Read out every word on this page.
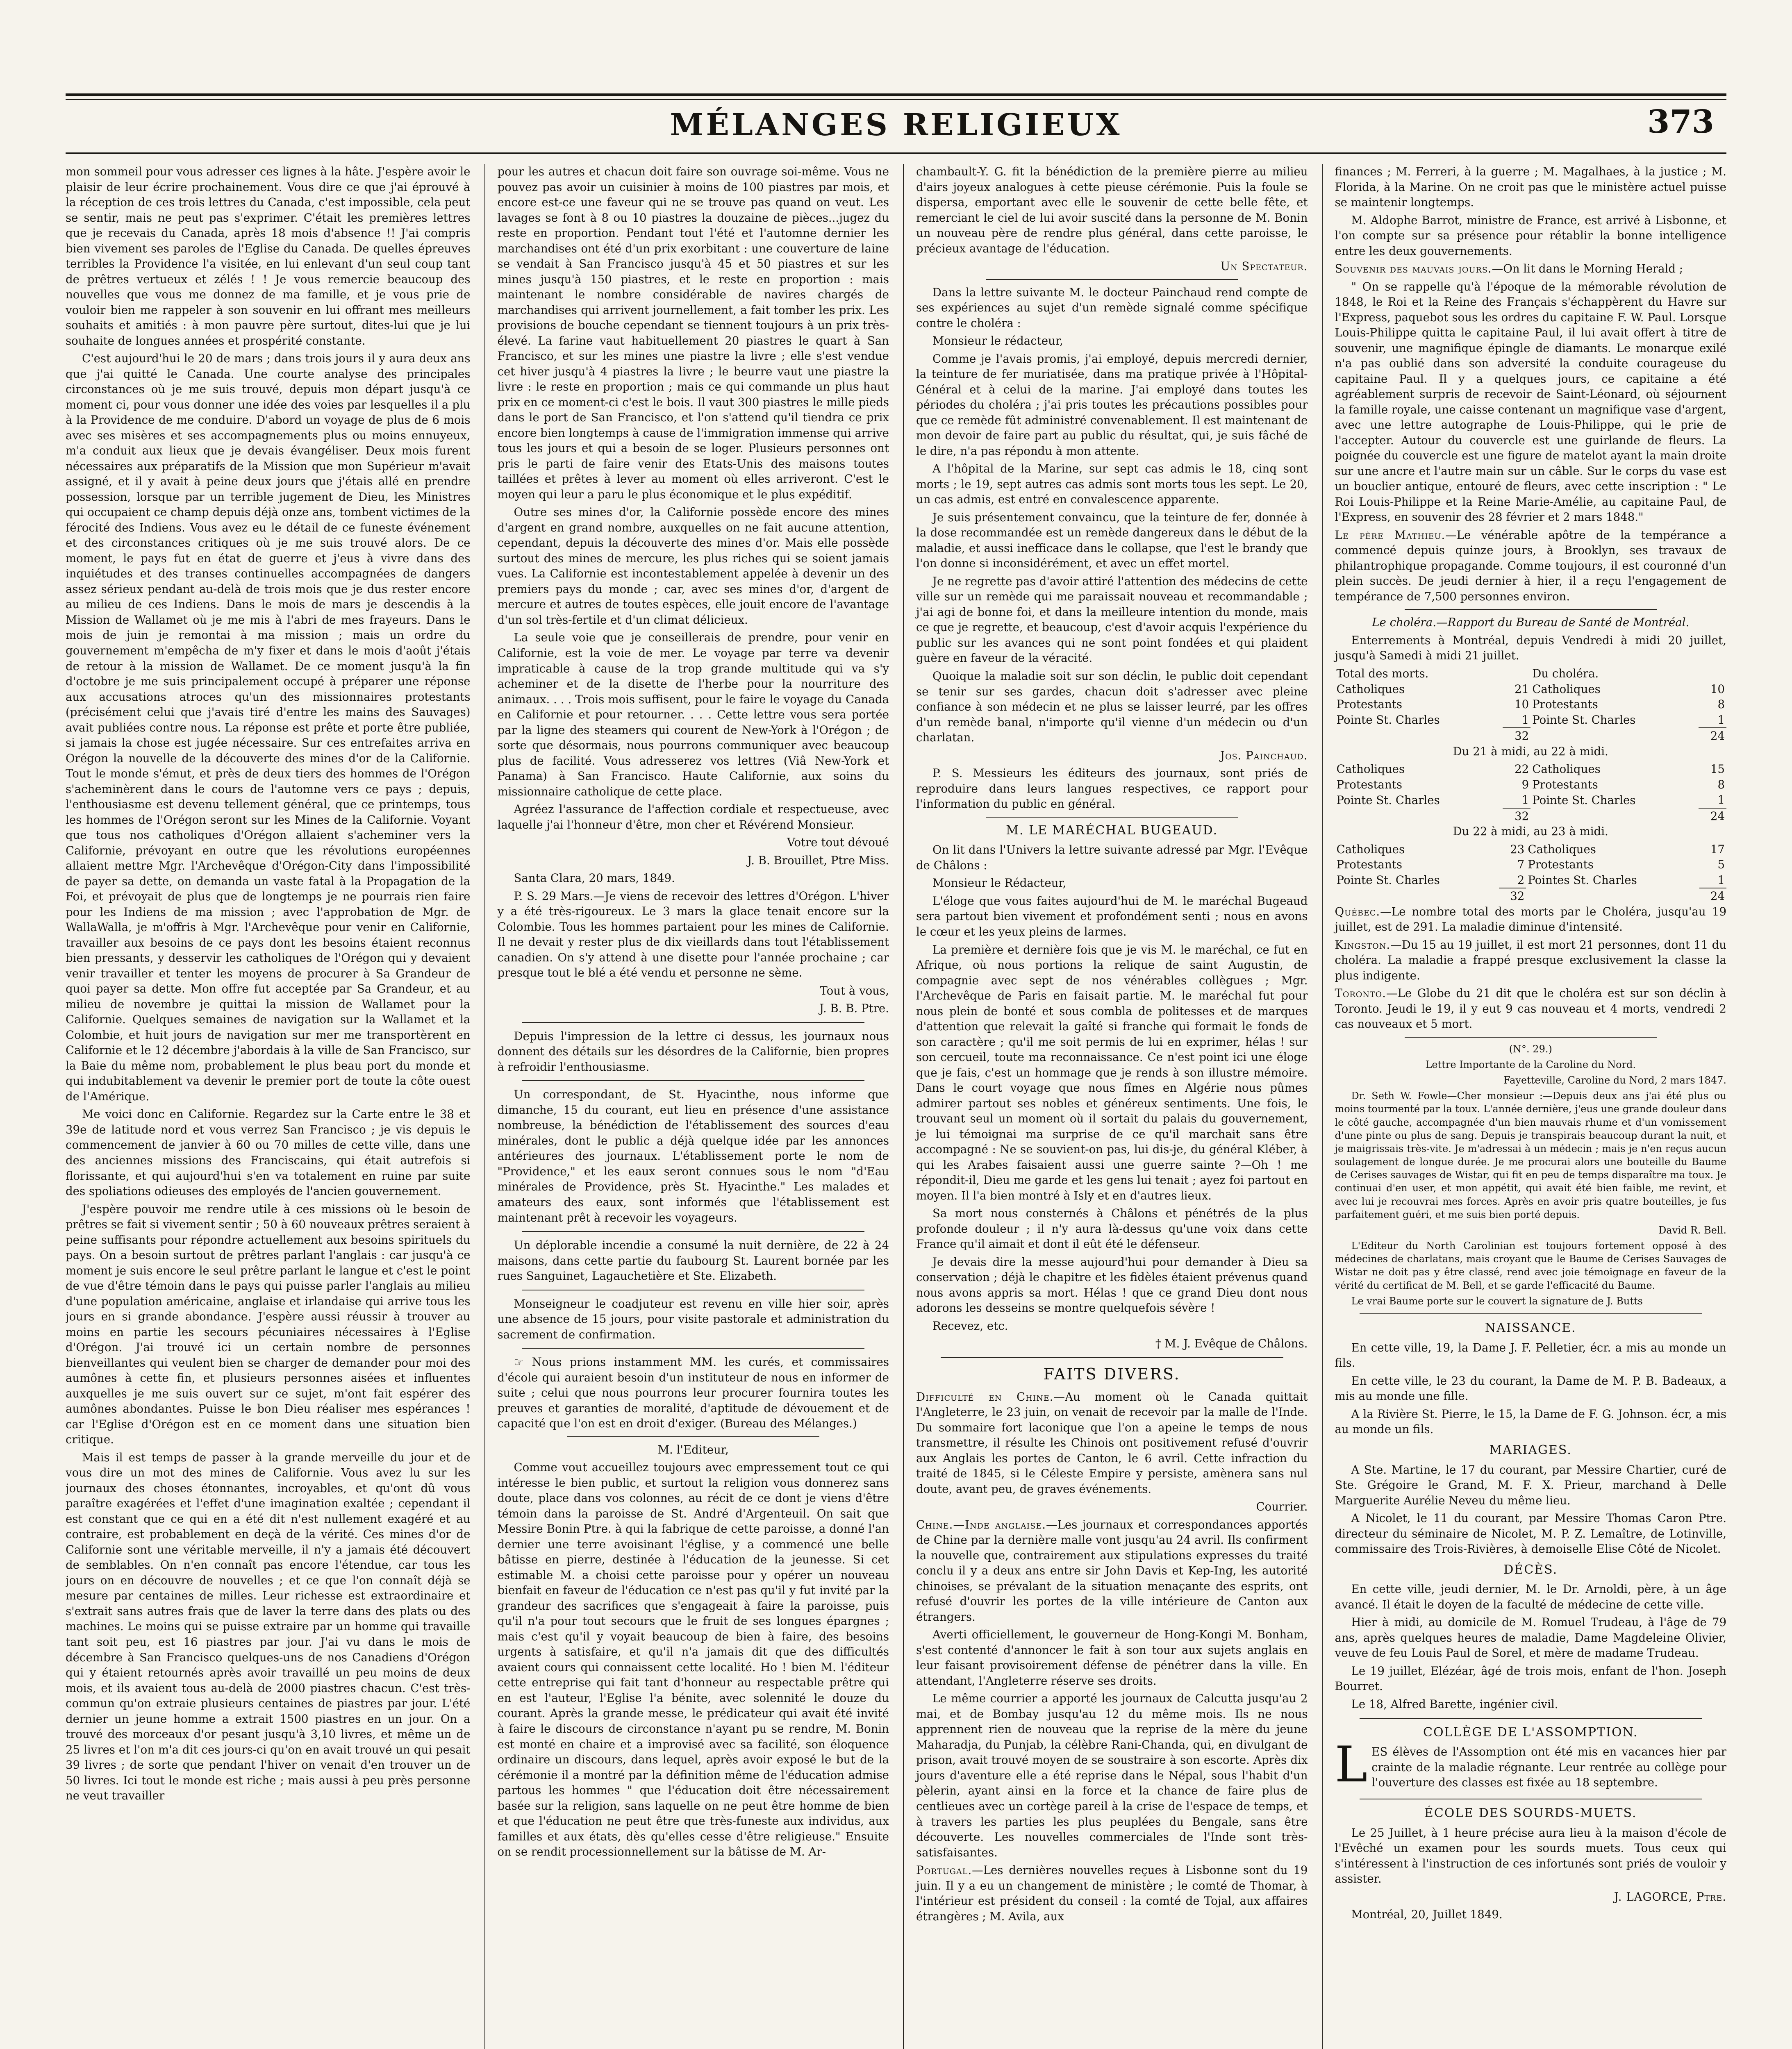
MÉLANGES RELIGIEUX	373

mon sommeil pour vous adresser ces lignes à la hâte. J'espère avoir le plaisir de leur écrire prochainement. Vous dire ce que j'ai éprouvé à la réception de ces trois lettres du Canada, c'est impossible, cela peut se sentir, mais ne peut pas s'exprimer. C'était les premières lettres que je recevais du Canada, après 18 mois d'absence !! J'ai compris bien vivement ses paroles de l'Eglise du Canada. De quelles épreuves terribles la Providence l'a visitée, en lui enlevant d'un seul coup tant de prêtres vertueux et zélés ! ! Je vous remercie beaucoup des nouvelles que vous me donnez de ma famille, et je vous prie de vouloir bien me rappeler à son souvenir en lui offrant mes meilleurs souhaits et amitiés : à mon pauvre père surtout, dites-lui que je lui souhaite de longues années et prospérité constante.

C'est aujourd'hui le 20 de mars ; dans trois jours il y aura deux ans que j'ai quitté le Canada. Une courte analyse des principales circonstances où je me suis trouvé, depuis mon départ jusqu'à ce moment ci, pour vous donner une idée des voies par lesquelles il a plu à la Providence de me conduire. D'abord un voyage de plus de 6 mois avec ses misères et ses accompagnements plus ou moins ennuyeux, m'a conduit aux lieux que je devais évangéliser. Deux mois furent nécessaires aux préparatifs de la Mission que mon Supérieur m'avait assigné, et il y avait à peine deux jours que j'étais allé en prendre possession, lorsque par un terrible jugement de Dieu, les Ministres qui occupaient ce champ depuis déjà onze ans, tombent victimes de la férocité des Indiens. Vous avez eu le détail de ce funeste événement et des circonstances critiques où je me suis trouvé alors. De ce moment, le pays fut en état de guerre et j'eus à vivre dans des inquiétudes et des transes continuelles accompagnées de dangers assez sérieux pendant au-delà de trois mois que je dus rester encore au milieu de ces Indiens. Dans le mois de mars je descendis à la Mission de Wallamet où je me mis à l'abri de mes frayeurs. Dans le mois de juin je remontai à ma mission ; mais un ordre du gouvernement m'empêcha de m'y fixer et dans le mois d'août j'étais de retour à la mission de Wallamet. De ce moment jusqu'à la fin d'octobre je me suis principalement occupé à préparer une réponse aux accusations atroces qu'un des missionnaires protestants (précisément celui que j'avais tiré d'entre les mains des Sauvages) avait publiées contre nous. La réponse est prête et porte être publiée, si jamais la chose est jugée nécessaire. Sur ces entrefaites arriva en Orégon la nouvelle de la découverte des mines d'or de la Californie. Tout le monde s'émut, et près de deux tiers des hommes de l'Orégon s'acheminèrent dans le cours de l'automne vers ce pays ; depuis, l'enthousiasme est devenu tellement général, que ce printemps, tous les hommes de l'Orégon seront sur les Mines de la Californie. Voyant que tous nos catholiques d'Orégon allaient s'acheminer vers la Californie, prévoyant en outre que les révolutions européennes allaient mettre Mgr. l'Archevêque d'Orégon-City dans l'impossibilité de payer sa dette, on demanda un vaste fatal à la Propagation de la Foi, et prévoyait de plus que de longtemps je ne pourrais rien faire pour les Indiens de ma mission ; avec l'approbation de Mgr. de WallaWalla, je m'offris à Mgr. l'Archevêque pour venir en Californie, travailler aux besoins de ce pays dont les besoins étaient reconnus bien pressants, y desservir les catholiques de l'Orégon qui y devaient venir travailler et tenter les moyens de procurer à Sa Grandeur de quoi payer sa dette. Mon offre fut acceptée par Sa Grandeur, et au milieu de novembre je quittai la mission de Wallamet pour la Californie. Quelques semaines de navigation sur la Wallamet et la Colombie, et huit jours de navigation sur mer me transportèrent en Californie et le 12 décembre j'abordais à la ville de San Francisco, sur la Baie du même nom, probablement le plus beau port du monde et qui indubitablement va devenir le premier port de toute la côte ouest de l'Amérique.

Me voici donc en Californie. Regardez sur la Carte entre le 38 et 39e de latitude nord et vous verrez San Francisco ; je vis depuis le commencement de janvier à 60 ou 70 milles de cette ville, dans une des anciennes missions des Franciscains, qui était autrefois si florissante, et qui aujourd'hui s'en va totalement en ruine par suite des spoliations odieuses des employés de l'ancien gouvernement.

J'espère pouvoir me rendre utile à ces missions où le besoin de prêtres se fait si vivement sentir ; 50 à 60 nouveaux prêtres seraient à peine suffisants pour répondre actuellement aux besoins spirituels du pays. On a besoin surtout de prêtres parlant l'anglais : car jusqu'à ce moment je suis encore le seul prêtre parlant le langue et c'est le point de vue d'être témoin dans le pays qui puisse parler l'anglais au milieu d'une population américaine, anglaise et irlandaise qui arrive tous les jours en si grande abondance. J'espère aussi réussir à trouver au moins en partie les secours pécuniaires nécessaires à l'Eglise d'Orégon. J'ai trouvé ici un certain nombre de personnes bienveillantes qui veulent bien se charger de demander pour moi des aumônes à cette fin, et plusieurs personnes aisées et influentes auxquelles je me suis ouvert sur ce sujet, m'ont fait espérer des aumônes abondantes. Puisse le bon Dieu réaliser mes espérances ! car l'Eglise d'Orégon est en ce moment dans une situation bien critique.

Mais il est temps de passer à la grande merveille du jour et de vous dire un mot des mines de Californie. Vous avez lu sur les journaux des choses étonnantes, incroyables, et qu'ont dû vous paraître exagérées et l'effet d'une imagination exaltée ; cependant il est constant que ce qui en a été dit n'est nullement exagéré et au contraire, est probablement en deçà de la vérité. Ces mines d'or de Californie sont une véritable merveille, il n'y a jamais été découvert de semblables. On n'en connaît pas encore l'étendue, car tous les jours on en découvre de nouvelles ; et ce que l'on connaît déjà se mesure par centaines de milles. Leur richesse est extraordinaire et s'extrait sans autres frais que de laver la terre dans des plats ou des machines. Le moins qui se puisse extraire par un homme qui travaille tant soit peu, est 16 piastres par jour. J'ai vu dans le mois de décembre à San Francisco quelques-uns de nos Canadiens d'Orégon qui y étaient retournés après avoir travaillé un peu moins de deux mois, et ils avaient tous au-delà de 2000 piastres chacun. C'est très-commun qu'on extraie plusieurs centaines de piastres par jour. L'été dernier un jeune homme a extrait 1500 piastres en un jour. On a trouvé des morceaux d'or pesant jusqu'à 3,10 livres, et même un de 25 livres et l'on m'a dit ces jours-ci qu'on en avait trouvé un qui pesait 39 livres ; de sorte que pendant l'hiver on venait d'en trouver un de 50 livres. Ici tout le monde est riche ; mais aussi à peu près personne ne veut travailler

pour les autres et chacun doit faire son ouvrage soi-même. Vous ne pouvez pas avoir un cuisinier à moins de 100 piastres par mois, et encore est-ce une faveur qui ne se trouve pas quand on veut. Les lavages se font à 8 ou 10 piastres la douzaine de pièces...jugez du reste en proportion. Pendant tout l'été et l'automne dernier les marchandises ont été d'un prix exorbitant : une couverture de laine se vendait à San Francisco jusqu'à 45 et 50 piastres et sur les mines jusqu'à 150 piastres, et le reste en proportion : mais maintenant le nombre considérable de navires chargés de marchandises qui arrivent journellement, a fait tomber les prix. Les provisions de bouche cependant se tiennent toujours à un prix très-élevé. La farine vaut habituellement 20 piastres le quart à San Francisco, et sur les mines une piastre la livre ; elle s'est vendue cet hiver jusqu'à 4 piastres la livre ; le beurre vaut une piastre la livre : le reste en proportion ; mais ce qui commande un plus haut prix en ce moment-ci c'est le bois. Il vaut 300 piastres le mille pieds dans le port de San Francisco, et l'on s'attend qu'il tiendra ce prix encore bien longtemps à cause de l'immigration immense qui arrive tous les jours et qui a besoin de se loger. Plusieurs personnes ont pris le parti de faire venir des Etats-Unis des maisons toutes taillées et prêtes à lever au moment où elles arriveront. C'est le moyen qui leur a paru le plus économique et le plus expéditif.

Outre ses mines d'or, la Californie possède encore des mines d'argent en grand nombre, auxquelles on ne fait aucune attention, cependant, depuis la découverte des mines d'or. Mais elle possède surtout des mines de mercure, les plus riches qui se soient jamais vues. La Californie est incontestablement appelée à devenir un des premiers pays du monde ; car, avec ses mines d'or, d'argent de mercure et autres de toutes espèces, elle jouit encore de l'avantage d'un sol très-fertile et d'un climat délicieux.

La seule voie que je conseillerais de prendre, pour venir en Californie, est la voie de mer. Le voyage par terre va devenir impraticable à cause de la trop grande multitude qui va s'y acheminer et de la disette de l'herbe pour la nourriture des animaux. . . . Trois mois suffisent, pour le faire le voyage du Canada en Californie et pour retourner. . . . Cette lettre vous sera portée par la ligne des steamers qui courent de New-York à l'Orégon ; de sorte que désormais, nous pourrons communiquer avec beaucoup plus de facilité. Vous adresserez vos lettres (Viâ New-York et Panama) à San Francisco. Haute Californie, aux soins du missionnaire catholique de cette place.

Agréez l'assurance de l'affection cordiale et respectueuse, avec laquelle j'ai l'honneur d'être, mon cher et Révérend Monsieur.

Votre tout dévoué

J. B. Brouillet, Ptre Miss.

Santa Clara, 20 mars, 1849.

P. S. 29 Mars.—Je viens de recevoir des lettres d'Orégon. L'hiver y a été très-rigoureux. Le 3 mars la glace tenait encore sur la Colombie. Tous les hommes partaient pour les mines de Californie. Il ne devait y rester plus de dix vieillards dans tout l'établissement canadien. On s'y attend à une disette pour l'année prochaine ; car presque tout le blé a été vendu et personne ne sème.

Tout à vous,

J. B. B. Ptre.

Depuis l'impression de la lettre ci dessus, les journaux nous donnent des détails sur les désordres de la Californie, bien propres à refroidir l'enthousiasme.

Un correspondant, de St. Hyacinthe, nous informe que dimanche, 15 du courant, eut lieu en présence d'une assistance nombreuse, la bénédiction de l'établissement des sources d'eau minérales, dont le public a déjà quelque idée par les annonces antérieures des journaux. L'établissement porte le nom de "Providence," et les eaux seront connues sous le nom "d'Eau minérales de Providence, près St. Hyacinthe." Les malades et amateurs des eaux, sont informés que l'établissement est maintenant prêt à recevoir les voyageurs.

Un déplorable incendie a consumé la nuit dernière, de 22 à 24 maisons, dans cette partie du faubourg St. Laurent bornée par les rues Sanguinet, Lagauchetière et Ste. Elizabeth.

Monseigneur le coadjuteur est revenu en ville hier soir, après une absence de 15 jours, pour visite pastorale et administration du sacrement de confirmation.

☞ Nous prions instamment MM. les curés, et commissaires d'école qui auraient besoin d'un instituteur de nous en informer de suite ; celui que nous pourrons leur procurer fournira toutes les preuves et garanties de moralité, d'aptitude de dévouement et de capacité que l'on est en droit d'exiger. (Bureau des Mélanges.)

M. l'Editeur,

Comme vout accueillez toujours avec empressement tout ce qui intéresse le bien public, et surtout la religion vous donnerez sans doute, place dans vos colonnes, au récit de ce dont je viens d'être témoin dans la paroisse de St. André d'Argenteuil. On sait que Messire Bonin Ptre. à qui la fabrique de cette paroisse, a donné l'an dernier une terre avoisinant l'église, y a commencé une belle bâtisse en pierre, destinée à l'éducation de la jeunesse. Si cet estimable M. a choisi cette paroisse pour y opérer un nouveau bienfait en faveur de l'éducation ce n'est pas qu'il y fut invité par la grandeur des sacrifices que s'engageait à faire la paroisse, puis qu'il n'a pour tout secours que le fruit de ses longues épargnes ; mais c'est qu'il y voyait beaucoup de bien à faire, des besoins urgents à satisfaire, et qu'il n'a jamais dit que des difficultés avaient cours qui connaissent cette localité. Ho ! bien M. l'éditeur cette entreprise qui fait tant d'honneur au respectable prêtre qui en est l'auteur, l'Eglise l'a bénite, avec solennité le douze du courant. Après la grande messe, le prédicateur qui avait été invité à faire le discours de circonstance n'ayant pu se rendre, M. Bonin est monté en chaire et a improvisé avec sa facilité, son éloquence ordinaire un discours, dans lequel, après avoir exposé le but de la cérémonie il a montré par la définition même de l'éducation admise partous les hommes " que l'éducation doit être nécessairement basée sur la religion, sans laquelle on ne peut être homme de bien et que l'éducation ne peut être que très-funeste aux individus, aux familles et aux états, dès qu'elles cesse d'être religieuse." Ensuite on se rendit processionnellement sur la bâtisse de M. Ar-

chambault-Y. G. fit la bénédiction de la première pierre au milieu d'airs joyeux analogues à cette pieuse cérémonie. Puis la foule se dispersa, emportant avec elle le souvenir de cette belle fête, et remerciant le ciel de lui avoir suscité dans la personne de M. Bonin un nouveau père de rendre plus général, dans cette paroisse, le précieux avantage de l'éducation.

Un Spectateur.

Dans la lettre suivante M. le docteur Painchaud rend compte de ses expériences au sujet d'un remède signalé comme spécifique contre le choléra :

Monsieur le rédacteur,

Comme je l'avais promis, j'ai employé, depuis mercredi dernier, la teinture de fer muriatisée, dans ma pratique privée à l'Hôpital-Général et à celui de la marine. J'ai employé dans toutes les périodes du choléra ; j'ai pris toutes les précautions possibles pour que ce remède fût administré convenablement. Il est maintenant de mon devoir de faire part au public du résultat, qui, je suis fâché de le dire, n'a pas répondu à mon attente.

A l'hôpital de la Marine, sur sept cas admis le 18, cinq sont morts ; le 19, sept autres cas admis sont morts tous les sept. Le 20, un cas admis, est entré en convalescence apparente.

Je suis présentement convaincu, que la teinture de fer, donnée à la dose recommandée est un remède dangereux dans le début de la maladie, et aussi inefficace dans le collapse, que l'est le brandy que l'on donne si inconsidérément, et avec un effet mortel.

Je ne regrette pas d'avoir attiré l'attention des médecins de cette ville sur un remède qui me paraissait nouveau et recommandable ; j'ai agi de bonne foi, et dans la meilleure intention du monde, mais ce que je regrette, et beaucoup, c'est d'avoir acquis l'expérience du public sur les avances qui ne sont point fondées et qui plaident guère en faveur de la véracité.

Quoique la maladie soit sur son déclin, le public doit cependant se tenir sur ses gardes, chacun doit s'adresser avec pleine confiance à son médecin et ne plus se laisser leurré, par les offres d'un remède banal, n'importe qu'il vienne d'un médecin ou d'un charlatan.

Jos. Painchaud.

P. S. Messieurs les éditeurs des journaux, sont priés de reproduire dans leurs langues respectives, ce rapport pour l'information du public en général.

M. LE MARÉCHAL BUGEAUD.

On lit dans l'Univers la lettre suivante adressé par Mgr. l'Evêque de Châlons :

Monsieur le Rédacteur,

L'éloge que vous faites aujourd'hui de M. le maréchal Bugeaud sera partout bien vivement et profondément senti ; nous en avons le cœur et les yeux pleins de larmes.

La première et dernière fois que je vis M. le maréchal, ce fut en Afrique, où nous portions la relique de saint Augustin, de compagnie avec sept de nos vénérables collègues ; Mgr. l'Archevêque de Paris en faisait partie. M. le maréchal fut pour nous plein de bonté et sous combla de politesses et de marques d'attention que relevait la gaîté si franche qui formait le fonds de son caractère ; qu'il me soit permis de lui en exprimer, hélas ! sur son cercueil, toute ma reconnaissance. Ce n'est point ici une éloge que je fais, c'est un hommage que je rends à son illustre mémoire. Dans le court voyage que nous fîmes en Algérie nous pûmes admirer partout ses nobles et généreux sentiments. Une fois, le trouvant seul un moment où il sortait du palais du gouvernement, je lui témoignai ma surprise de ce qu'il marchait sans être accompagné : Ne se souvient-on pas, lui dis-je, du général Kléber, à qui les Arabes faisaient aussi une guerre sainte ?—Oh ! me répondit-il, Dieu me garde et les gens lui tenait ; ayez foi partout en moyen. Il l'a bien montré à Isly et en d'autres lieux.

Sa mort nous consternés à Châlons et pénétrés de la plus profonde douleur ; il n'y aura là-dessus qu'une voix dans cette France qu'il aimait et dont il eût été le défenseur.

Je devais dire la messe aujourd'hui pour demander à Dieu sa conservation ; déjà le chapitre et les fidèles étaient prévenus quand nous avons appris sa mort. Hélas ! que ce grand Dieu dont nous adorons les desseins se montre quelquefois sévère !

Recevez, etc.

† M. J. Evêque de Châlons.

FAITS DIVERS.

Difficulté en Chine.—Au moment où le Canada quittait l'Angleterre, le 23 juin, on venait de recevoir par la malle de l'Inde. Du sommaire fort laconique que l'on a apeine le temps de nous transmettre, il résulte les Chinois ont positivement refusé d'ouvrir aux Anglais les portes de Canton, le 6 avril. Cette infraction du traité de 1845, si le Céleste Empire y persiste, amènera sans nul doute, avant peu, de graves événements.

Courrier.

Chine.—Inde anglaise.—Les journaux et correspondances apportés de Chine par la dernière malle vont jusqu'au 24 avril. Ils confirment la nouvelle que, contrairement aux stipulations expresses du traité conclu il y a deux ans entre sir John Davis et Kep-Ing, les autorité chinoises, se prévalant de la situation menaçante des esprits, ont refusé d'ouvrir les portes de la ville intérieure de Canton aux étrangers.

Averti officiellement, le gouverneur de Hong-Kongi M. Bonham, s'est contenté d'annoncer le fait à son tour aux sujets anglais en leur faisant provisoirement défense de pénétrer dans la ville. En attendant, l'Angleterre réserve ses droits.

Le même courrier a apporté les journaux de Calcutta jusqu'au 2 mai, et de Bombay jusqu'au 12 du même mois. Ils ne nous apprennent rien de nouveau que la reprise de la mère du jeune Maharadja, du Punjab, la célèbre Rani-Chanda, qui, en divulgant de prison, avait trouvé moyen de se soustraire à son escorte. Après dix jours d'aventure elle a été reprise dans le Népal, sous l'habit d'un pèlerin, ayant ainsi en la force et la chance de faire plus de centlieues avec un cortège pareil à la crise de l'espace de temps, et à travers les parties les plus peuplées du Bengale, sans être découverte. Les nouvelles commerciales de l'Inde sont très-satisfaisantes.

Portugal.—Les dernières nouvelles reçues à Lisbonne sont du 19 juin. Il y a eu un changement de ministère ; le comté de Thomar, à l'intérieur est président du conseil : la comté de Tojal, aux affaires étrangères ; M. Avila, aux

finances ; M. Ferreri, à la guerre ; M. Magalhaes, à la justice ; M. Florida, à la Marine. On ne croit pas que le ministère actuel puisse se maintenir longtemps.

M. Aldophe Barrot, ministre de France, est arrivé à Lisbonne, et l'on compte sur sa présence pour rétablir la bonne intelligence entre les deux gouvernements.

Souvenir des mauvais jours.—On lit dans le Morning Herald ;

" On se rappelle qu'à l'époque de la mémorable révolution de 1848, le Roi et la Reine des Français s'échappèrent du Havre sur l'Express, paquebot sous les ordres du capitaine F. W. Paul. Lorsque Louis-Philippe quitta le capitaine Paul, il lui avait offert à titre de souvenir, une magnifique épingle de diamants. Le monarque exilé n'a pas oublié dans son adversité la conduite courageuse du capitaine Paul. Il y a quelques jours, ce capitaine a été agréablement surpris de recevoir de Saint-Léonard, où séjournent la famille royale, une caisse contenant un magnifique vase d'argent, avec une lettre autographe de Louis-Philippe, qui le prie de l'accepter. Autour du couvercle est une guirlande de fleurs. La poignée du couvercle est une figure de matelot ayant la main droite sur une ancre et l'autre main sur un câble. Sur le corps du vase est un bouclier antique, entouré de fleurs, avec cette inscription : " Le Roi Louis-Philippe et la Reine Marie-Amélie, au capitaine Paul, de l'Express, en souvenir des 28 février et 2 mars 1848."

Le père Mathieu.—Le vénérable apôtre de la tempérance a commencé depuis quinze jours, à Brooklyn, ses travaux de philantrophique propagande. Comme toujours, il est couronné d'un plein succès. De jeudi dernier à hier, il a reçu l'engagement de tempérance de 7,500 personnes environ.

Le choléra.—Rapport du Bureau de Santé de Montréal.

Enterrements à Montréal, depuis Vendredi à midi 20 juillet, jusqu'à Samedi à midi 21 juillet.

Total des morts.		Du choléra.	
Catholiques	21	Catholiques	10
Protestants	10	Protestants	8
Pointe St. Charles	1	Pointe St. Charles	1
	32		24

Du 21 à midi, au 22 à midi.

Catholiques	22	Catholiques	15
Protestants	9	Protestants	8
Pointe St. Charles	1	Pointe St. Charles	1
	32		24

Du 22 à midi, au 23 à midi.

Catholiques	23	Catholiques	17
Protestants	7	Protestants	5
Pointe St. Charles	2	Pointes St. Charles	1
	32		24

Québec.—Le nombre total des morts par le Choléra, jusqu'au 19 juillet, est de 291. La maladie diminue d'intensité.

Kingston.—Du 15 au 19 juillet, il est mort 21 personnes, dont 11 du choléra. La maladie a frappé presque exclusivement la classe la plus indigente.

Toronto.—Le Globe du 21 dit que le choléra est sur son déclin à Toronto. Jeudi le 19, il y eut 9 cas nouveau et 4 morts, vendredi 2 cas nouveaux et 5 mort.

(N°. 29.)

Lettre Importante de la Caroline du Nord.

Fayetteville, Caroline du Nord, 2 mars 1847.

Dr. Seth W. Fowle—Cher monsieur :—Depuis deux ans j'ai été plus ou moins tourmenté par la toux. L'année dernière, j'eus une grande douleur dans le côté gauche, accompagnée d'un bien mauvais rhume et d'un vomissement d'une pinte ou plus de sang. Depuis je transpirais beaucoup durant la nuit, et je maigrissais très-vite. Je m'adressai à un médecin ; mais je n'en reçus aucun soulagement de longue durée. Je me procurai alors une bouteille du Baume de Cerises sauvages de Wistar, qui fit en peu de temps disparaître ma toux. Je continuai d'en user, et mon appétit, qui avait été bien faible, me revint, et avec lui je recouvrai mes forces. Après en avoir pris quatre bouteilles, je fus parfaitement guéri, et me suis bien porté depuis.

David R. Bell.

L'Editeur du North Carolinian est toujours fortement opposé à des médecines de charlatans, mais croyant que le Baume de Cerises Sauvages de Wistar ne doit pas y être classé, rend avec joie témoignage en faveur de la vérité du certificat de M. Bell, et se garde l'efficacité du Baume.

Le vrai Baume porte sur le couvert la signature de J. Butts

NAISSANCE.

En cette ville, 19, la Dame J. F. Pelletier, écr. a mis au monde un fils.

En cette ville, le 23 du courant, la Dame de M. P. B. Badeaux, a mis au monde une fille.

A la Rivière St. Pierre, le 15, la Dame de F. G. Johnson. écr, a mis au monde un fils.

MARIAGES.

A Ste. Martine, le 17 du courant, par Messire Chartier, curé de Ste. Grégoire le Grand, M. F. X. Prieur, marchand à Delle Marguerite Aurélie Neveu du même lieu.

A Nicolet, le 11 du courant, par Messire Thomas Caron Ptre. directeur du séminaire de Nicolet, M. P. Z. Lemaître, de Lotinville, commissaire des Trois-Rivières, à demoiselle Elise Côté de Nicolet.

DÉCÈS.

En cette ville, jeudi dernier, M. le Dr. Arnoldi, père, à un âge avancé. Il était le doyen de la faculté de médecine de cette ville.

Hier à midi, au domicile de M. Romuel Trudeau, à l'âge de 79 ans, après quelques heures de maladie, Dame Magdeleine Olivier, veuve de feu Louis Paul de Sorel, et mère de madame Trudeau.

Le 19 juillet, Elézéar, âgé de trois mois, enfant de l'hon. Joseph Bourret.

Le 18, Alfred Barette, ingénier civil.

COLLÈGE DE L'ASSOMPTION.

LES élèves de l'Assomption ont été mis en vacances hier par crainte de la maladie régnante. Leur rentrée au collège pour l'ouverture des classes est fixée au 18 septembre.

ÉCOLE DES SOURDS-MUETS.

Le 25 Juillet, à 1 heure précise aura lieu à la maison d'école de l'Evêché un examen pour les sourds muets. Tous ceux qui s'intéressent à l'instruction de ces infortunés sont priés de vouloir y assister.

J. LAGORCE, Ptre.

Montréal, 20, Juillet 1849.
